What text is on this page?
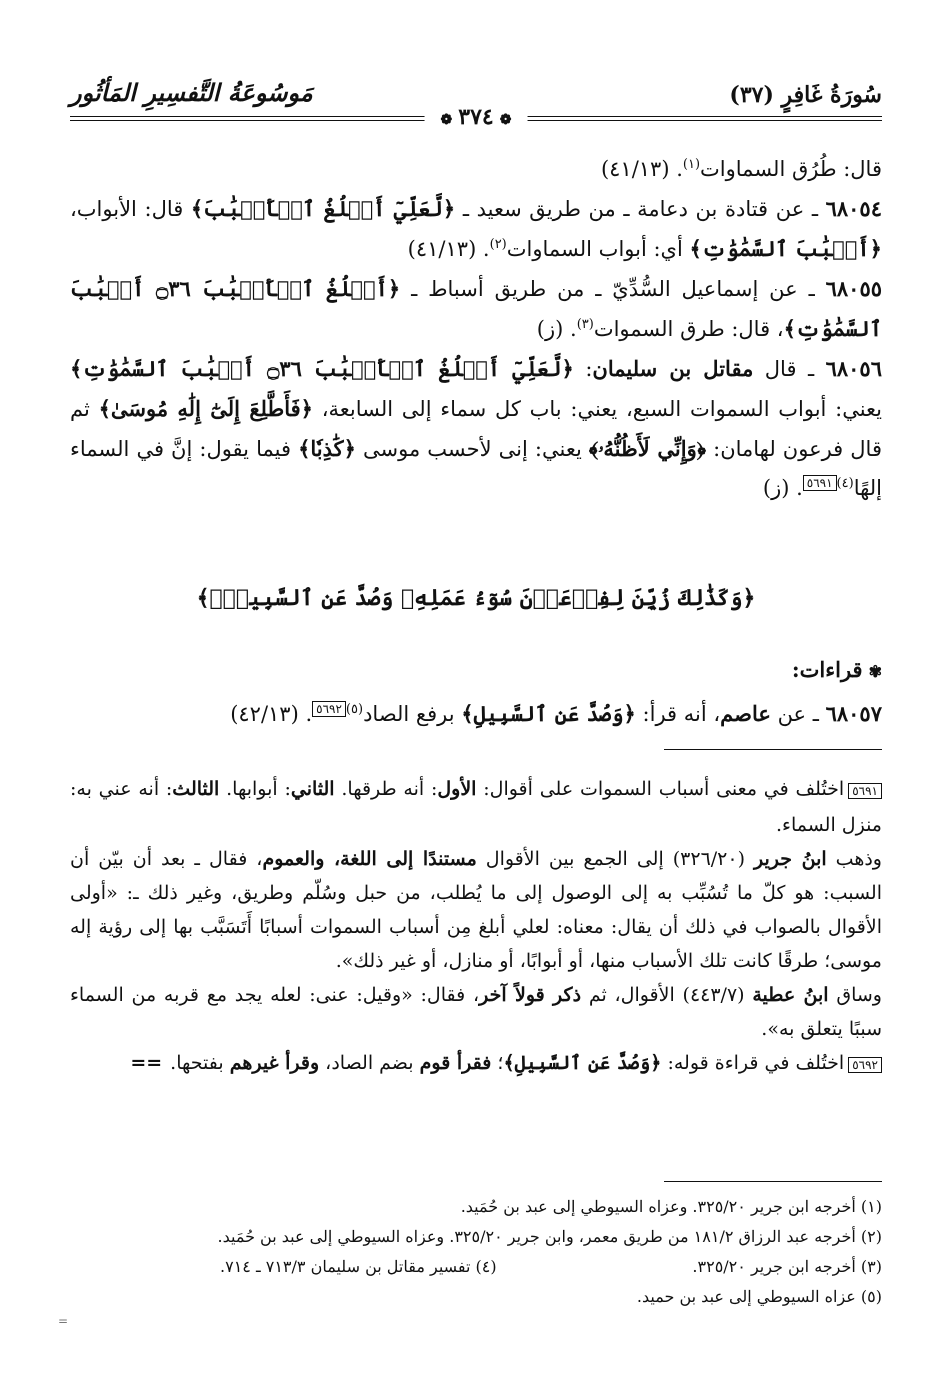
سُورَةُ غَافِرٍ (٣٧)
مَوسُوعَةُ التَّفسِيرِ المَأثُور
❁٣٧٤❁

قال: طُرُق السماوات$^{(١)}$. (٤١/١٣)

٦٨٠٥٤ ـ عن قتادة بن دعامة ـ من طريق سعيد ـ ﴿لَّعَلِّيٓ أَبۡلُغُ ٱلۡأَسۡبَٰبَ﴾ قال: الأبواب، ﴿أَسۡبَٰبَ ٱلسَّمَٰوَٰتِ﴾ أي: أبواب السماوات$^{(٢)}$. (٤١/١٣)

٦٨٠٥٥ ـ عن إسماعيل السُّدِّيّ ـ من طريق أسباط ـ ﴿أَبۡلُغُ ٱلۡأَسۡبَٰبَ ۝٣٦ أَسۡبَٰبَ ٱلسَّمَٰوَٰتِ﴾، قال: طرق السموات$^{(٣)}$. (ز)

٦٨٠٥٦ ـ قال مقاتل بن سليمان: ﴿لَّعَلِّيٓ أَبۡلُغُ ٱلۡأَسۡبَٰبَ ۝٣٦ أَسۡبَٰبَ ٱلسَّمَٰوَٰتِ﴾ يعني: أبواب السموات السبع، يعني: باب كل سماء إلى السابعة، ﴿فَأَطَّلِعَ إِلَىٰٓ إِلَٰهِ مُوسَىٰ﴾ ثم قال فرعون لهامان: ﴿وَإِنِّي لَأَظُنُّهُۥ﴾ يعني: إنى لأحسب موسى ﴿كَٰذِبٗا﴾ فيما يقول: إنَّ في السماء إلهًا$^{(٤)٥٦٩١}$. (ز)

﴿وَكَذَٰلِكَ زُيِّنَ لِفِرۡعَوۡنَ سُوٓءُ عَمَلِهِۦ وَصُدَّ عَنِ ٱلسَّبِيلِۚ﴾
✾قراءات:

٦٨٠٥٧ ـ عن عاصم، أنه قرأ: ﴿وَصُدَّ عَنِ ٱلسَّبِيلِ﴾ برفع الصاد$^{(٥)٥٦٩٢}$. (٤٢/١٣)

٥٦٩١اختُلف في معنى أسباب السموات على أقوال: الأول: أنه طرقها. الثاني: أبوابها. الثالث: أنه عني به: منزل السماء.

وذهب ابنُ جرير (٣٢٦/٢٠) إلى الجمع بين الأقوال مستندًا إلى اللغة، والعموم، فقال ـ بعد أن بيّن أن السبب: هو كلّ ما تُسُبِّب به إلى الوصول إلى ما يُطلب، من حبل وسُلّم وطريق، وغير ذلك ـ: «أولى الأقوال بالصواب في ذلك أن يقال: معناه: لعلي أبلغ مِن أسباب السموات أسبابًا أَتَسَبَّب بها إلى رؤية إله موسى؛ طرقًا كانت تلك الأسباب منها، أو أبوابًا، أو منازل، أو غير ذلك».

وساق ابنُ عطية (٤٤٣/٧) الأقوال، ثم ذكر قولاً آخر، فقال: «وقيل: عنى: لعله يجد مع قربه من السماء سببًا يتعلق به».

٥٦٩٢اختُلف في قراءة قوله: ﴿وَصُدَّ عَنِ ٱلسَّبِيلِ﴾؛ فقرأ قوم بضم الصاد، وقرأ غيرهم بفتحها.==

(١) أخرجه ابن جرير ٣٢٥/٢٠. وعزاه السيوطي إلى عبد بن حُمَيد.

(٢) أخرجه عبد الرزاق ١٨١/٢ من طريق معمر، وابن جرير ٣٢٥/٢٠. وعزاه السيوطي إلى عبد بن حُمَيد.

(٣) أخرجه ابن جرير ٣٢٥/٢٠.
(٤) تفسير مقاتل بن سليمان ٧١٣/٣ ـ ٧١٤.

(٥) عزاه السيوطي إلى عبد بن حميد.

=
